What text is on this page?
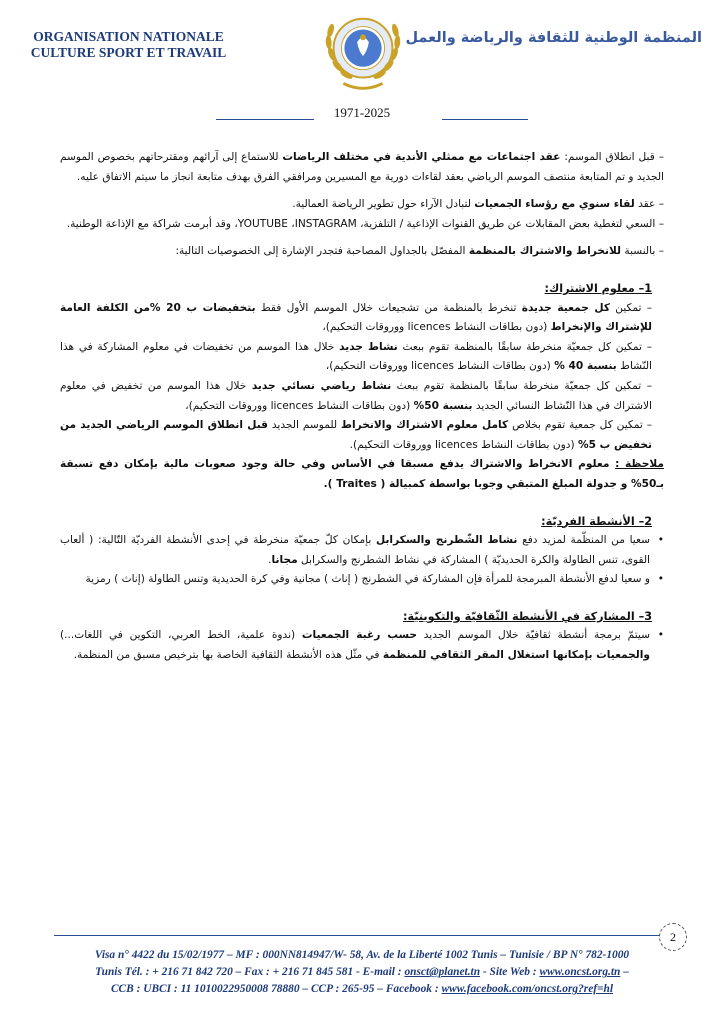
ORGANISATION NATIONALE
CULTURE SPORT ET TRAVAIL
المنظمة الوطنية للثقافة والرياضة والعمل
1971-2025

– قبل انطلاق الموسم: عقد اجتماعات مع ممثلي الأندية في مختلف الرياضات للاستماع إلى آرائهم ومقترحاتهم بخصوص الموسم الجديد و تم المتابعة منتصف الموسم الرياضي بعقد لقاءات دورية مع المسيرين ومرافقي الفرق بهدف متابعة انجاز ما سيتم الاتفاق عليه.

– عقد لقاء سنوي مع رؤساء الجمعيات لتبادل الآراء حول تطوير الرياضة العمالية.

– السعي لتغطية بعض المقابلات عن طريق القنوات الإذاعية / التلفزية، YOUTUBE ،INSTAGRAM، وقد أبرمت شراكة مع الإذاعة الوطنية.

– بالنسبة للانخراط والاشتراك بالمنظمة المفصّل بالجداول المصاحبة فتجدر الإشارة إلى الخصوصيات التالية:

1– معلوم الاشتراك:

– تمكين كل جمعية جديدة تنخرط بالمنظمة من تشجيعات خلال الموسم الأول فقط بتخفيضات ب 20 %من الكلفة العامة للإشتراك والإنخراط (دون بطاقات النشاط licences ووروقات التحكيم)،

– تمكين كل جمعيّة منخرطة سابقًا بالمنظمة تقوم ببعث نشاط جديد خلال هذا الموسم من تخفيضات في معلوم المشاركة في هذا النّشاط بنسبة 40 % (دون بطاقات النشاط licences ووروقات التحكيم)،

– تمكين كل جمعيّة منخرطة سابقًا بالمنظمة تقوم ببعث نشاط رياضي نسائي جديد خلال هذا الموسم من تخفيض في معلوم الاشتراك في هذا النّشاط النسائي الجديد بنسبة 50% (دون بطاقات النشاط licences ووروقات التحكيم)،

– تمكين كل جمعية تقوم بخلاص كامل معلوم الاشتراك والانخراط للموسم الجديد قبل انطلاق الموسم الرياضي الجديد من تخفيض ب 5% (دون بطاقات النشاط licences ووروقات التحكيم).

ملاحظة : معلوم الانخراط والاشتراك يدفع مسبقا في الأساس وفي حالة وجود صعوبات مالية بإمكان دفع تسبقة بـ50% و جدولة المبلغ المتبقي وجوبا بواسطة كمبيالة ( Traites ).

2– الأنشطة الفرديّة:

• سعيا من المنظّمة لمزيد دفع نشاط الشّطرنج والسكرابل بإمكان كلّ جمعيّة منخرطة في إحدى الأنشطة الفرديّة التّالية: ( ألعاب القوى، تنس الطاولة والكرة الحديديّة ) المشاركة في نشاط الشطرنج والسكرابل مجانا.

• و سعيا لدفع الأنشطة المبرمجة للمرأة فإن المشاركة في الشطرنج ( إناث ) مجانية وفي كرة الحديدية وتنس الطاولة (إناث ) رمزية

3– المشاركة في الأنشطة الثّقافيّة والتكوينيّة:

• سيتمّ برمجة أنشطة ثقافيّة خلال الموسم الجديد حسب رغبة الجمعيات (ندوة علمية، الخط العربي، التكوين في اللغات...) والجمعيات بإمكانها استغلال المقر الثقافي للمنظمة في مثّل هذه الأنشطة الثقافية الخاصة بها بترخيص مسبق من المنظمة.

2
Visa n° 4422 du 15/02/1977 – MF : 000NN814947/W- 58, Av. de la Liberté 1002 Tunis – Tunisie / BP N° 782-1000
Tunis Tél. : + 216 71 842 720 – Fax : + 216 71 845 581 - E-mail : onsct@planet.tn - Site Web : www.oncst.org.tn –
CCB : UBCI : 11 1010022950008 78880 – CCP : 265-95 – Facebook : www.facebook.com/oncst.org?ref=hl
